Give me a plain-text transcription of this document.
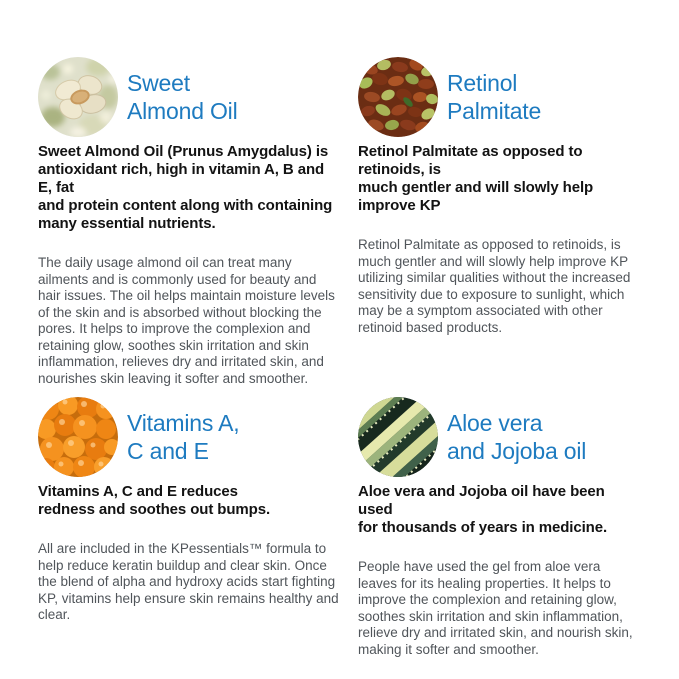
Sweet
Almond Oil

Sweet Almond Oil (Prunus Amygdalus) is
antioxidant rich, high in vitamin A, B and E, fat
and protein content along with containing
many essential nutrients.

The daily usage almond oil can treat many ailments and is commonly used for beauty and hair issues. The oil helps maintain moisture levels of the skin and is absorbed without blocking the pores. It helps to improve the complexion and retaining glow, soothes skin irritation and skin inflammation, relieves dry and irritated skin, and nourishes skin leaving it softer and smoother.

Retinol
Palmitate

Retinol Palmitate as opposed to retinoids, is
much gentler and will slowly help improve KP

Retinol Palmitate as opposed to retinoids, is much gentler and will slowly help improve KP utilizing similar qualities without the increased sensitivity due to exposure to sunlight, which may be a symptom associated with other retinoid based products.

Vitamins A,
C and E

Vitamins A, C and E reduces
redness and soothes out bumps.

All are included in the KPessentials™ formula to help reduce keratin buildup and clear skin. Once the blend of alpha and hydroxy acids start fighting KP, vitamins help ensure skin remains healthy and clear.

Aloe vera
and Jojoba oil

Aloe vera and Jojoba oil have been used
for thousands of years in medicine.

People have used the gel from aloe vera leaves for its healing properties. It helps to improve the complexion and retaining glow, soothes skin irritation and skin inflammation, relieve dry and irritated skin, and nourish skin, making it softer and smoother.
